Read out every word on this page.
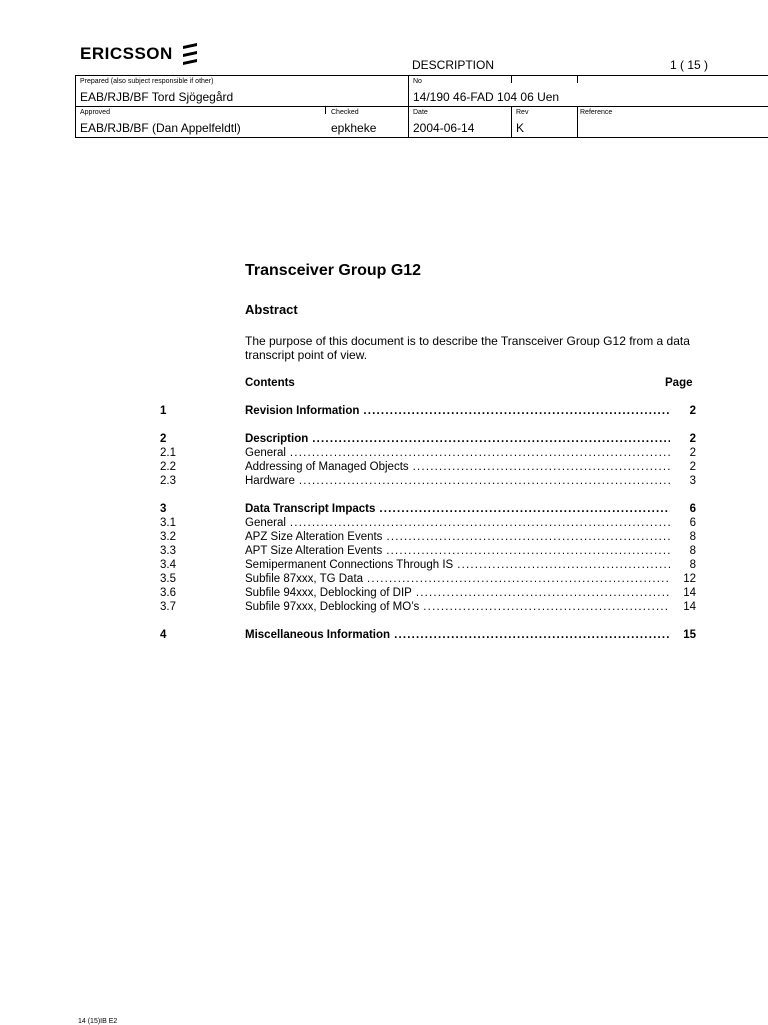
ERICSSON
DESCRIPTION	1 ( 15 )
Prepared (also subject responsible if other)
EAB/RJB/BF Tord Sjögegård
No
14/190 46-FAD 104 06 Uen
Approved
EAB/RJB/BF (Dan Appelfeldtl)
Checked
epkheke
Date
2004-06-14
Rev
K
Reference
Transceiver Group G12
Abstract
The purpose of this document is to describe the Transceiver Group G12 from a data transcript point of view.
Contents	Page
1	Revision Information . . .	2
2	Description . . .	2
2.1	General . . .	2
2.2	Addressing of Managed Objects . . .	2
2.3	Hardware . . .	3
3	Data Transcript Impacts . . .	6
3.1	General . . .	6
3.2	APZ Size Alteration Events . . .	8
3.3	APT Size Alteration Events . . .	8
3.4	Semipermanent Connections Through IS . . .	8
3.5	Subfile 87xxx, TG Data . . .	12
3.6	Subfile 94xxx, Deblocking of DIP . . .	14
3.7	Subfile 97xxx, Deblocking of MO’s . . .	14
4	Miscellaneous Information . . .	15
14 (15)IB E2
